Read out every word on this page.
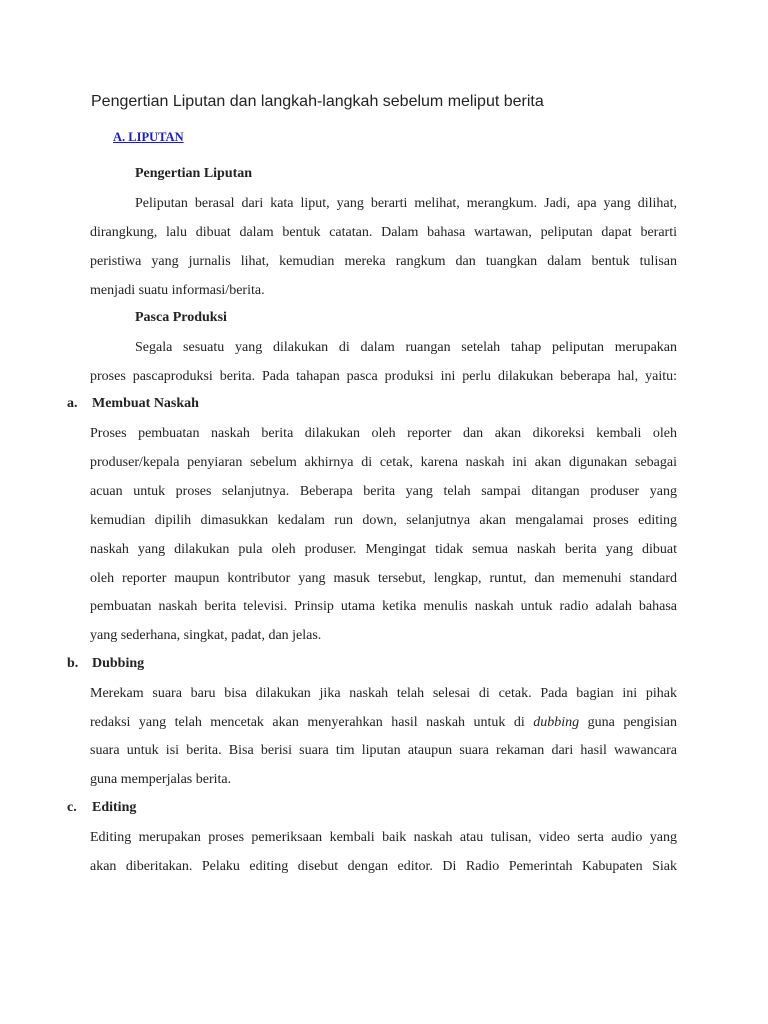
Pengertian Liputan dan langkah-langkah sebelum meliput berita
A. LIPUTAN
Pengertian Liputan
Peliputan berasal dari kata liput, yang berarti melihat, merangkum. Jadi, apa yang dilihat,
dirangkung, lalu dibuat dalam bentuk catatan. Dalam bahasa wartawan, peliputan dapat berarti
peristiwa yang jurnalis lihat, kemudian mereka rangkum dan tuangkan dalam bentuk tulisan
menjadi suatu informasi/berita.
Pasca Produksi
Segala sesuatu yang dilakukan di dalam ruangan setelah tahap peliputan merupakan
proses pascaproduksi berita. Pada tahapan pasca produksi ini perlu dilakukan beberapa hal, yaitu:
a. Membuat Naskah
Proses pembuatan naskah berita dilakukan oleh reporter dan akan dikoreksi kembali oleh
produser/kepala penyiaran sebelum akhirnya di cetak, karena naskah ini akan digunakan sebagai
acuan untuk proses selanjutnya. Beberapa berita yang telah sampai ditangan produser yang
kemudian dipilih dimasukkan kedalam run down, selanjutnya akan mengalamai proses editing
naskah yang dilakukan pula oleh produser. Mengingat tidak semua naskah berita yang dibuat
oleh reporter maupun kontributor yang masuk tersebut, lengkap, runtut, dan memenuhi standard
pembuatan naskah berita televisi. Prinsip utama ketika menulis naskah untuk radio adalah bahasa
yang sederhana, singkat, padat, dan jelas.
b. Dubbing
Merekam suara baru bisa dilakukan jika naskah telah selesai di cetak. Pada bagian ini pihak
redaksi yang telah mencetak akan menyerahkan hasil naskah untuk di dubbing guna pengisian
suara untuk isi berita. Bisa berisi suara tim liputan ataupun suara rekaman dari hasil wawancara
guna memperjalas berita.
c. Editing
Editing merupakan proses pemeriksaan kembali baik naskah atau tulisan, video serta audio yang
akan diberitakan. Pelaku editing disebut dengan editor. Di Radio Pemerintah Kabupaten Siak
